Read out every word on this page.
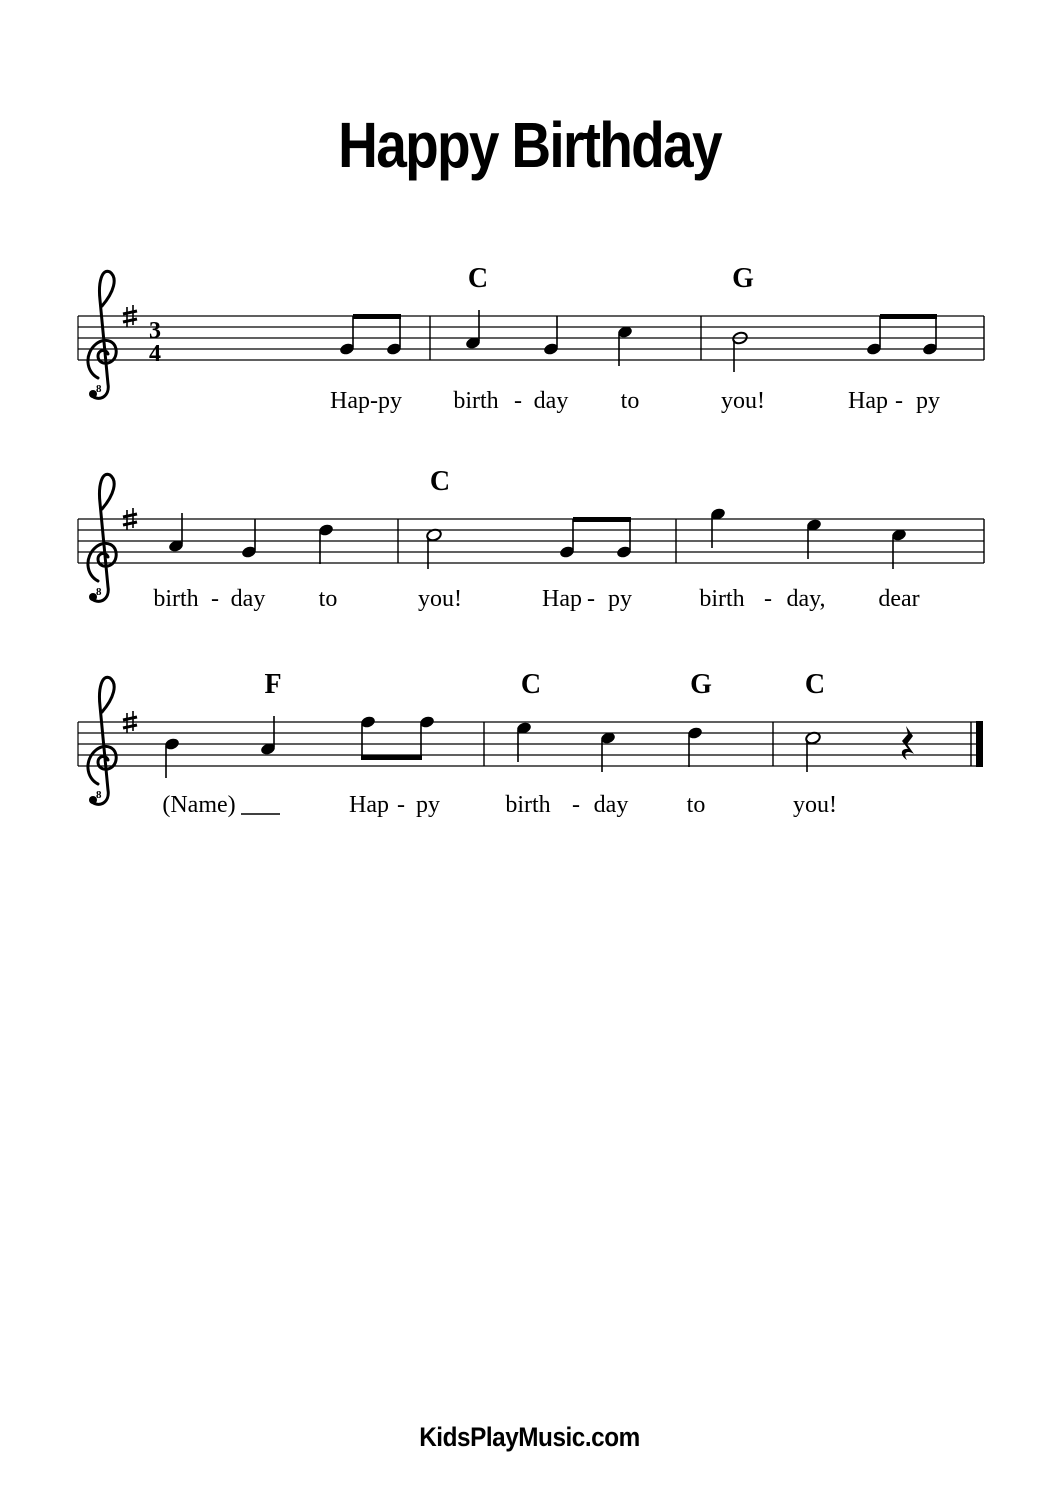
Happy Birthday
8
3
4
C	G
Hap-py birth - day to	you!	Hap - py
8
C
birth - day to	you!	Hap - py	birth - day, dear
8
F	C	G	C
(Name)	Hap - py	birth - day to	you!
KidsPlayMusic.com
